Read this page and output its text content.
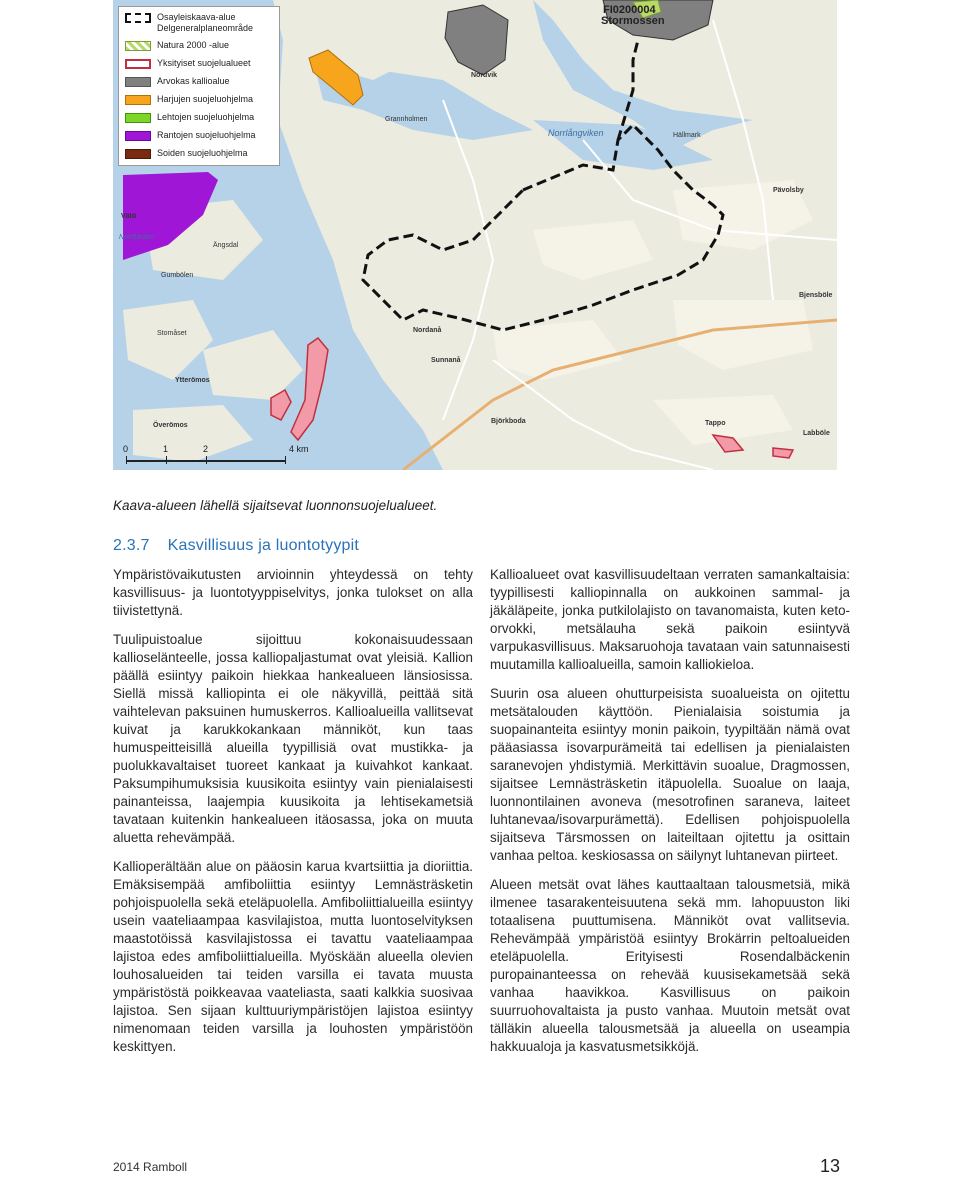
FI0200004
Stormossen
Nordvik
Norrlångviken
Pävolsby
Bjensböle
Nordanå
Sunnanå
Björkboda	Tappo
Labböle
Vätö
Ytterömos
Överömos
Norrfjärden
Gumbölen
Grannholmen
Ängsdal
Hällmark
Stomåset
0	1	2	4 km
Osayleiskaava-alue
Delgeneralplaneområde
Natura 2000 -alue
Yksityiset suojelualueet
Arvokas kallioalue
Harjujen suojeluohjelma
Lehtojen suojeluohjelma
Rantojen suojeluohjelma
Soiden suojeluohjelma
Kaava-alueen lähellä sijaitsevat luonnonsuojelualueet.
2.3.7 Kasvillisuus ja luontotyypit

Ympäristövaikutusten arvioinnin yhteydessä on tehty kasvillisuus- ja luontotyyppiselvitys, jonka tulokset on alla tiivistettynä.

Tuulipuistoalue sijoittuu kokonaisuudessaan kallioselänteelle, jossa kalliopaljastumat ovat yleisiä. Kallion päällä esiintyy paikoin hiekkaa hankealueen länsiosissa. Siellä missä kalliopinta ei ole näkyvillä, peittää sitä vaihtelevan paksuinen humuskerros. Kallioalueilla vallitsevat kuivat ja karukkokankaan männiköt, kun taas humuspeitteisillä alueilla tyypillisiä ovat mustikka- ja puolukkavaltaiset tuoreet kankaat ja kuivahkot kankaat. Paksumpihumuksisia kuusikoita esiintyy vain pienialaisesti painanteissa, laajempia kuusikoita ja lehtisekametsiä tavataan kuitenkin hankealueen itäosassa, joka on muuta aluetta rehevämpää.

Kallioperältään alue on pääosin karua kvartsiittia ja dioriittia. Emäksisempää amfiboliittia esiintyy Lemnästräsketin pohjoispuolella sekä eteläpuolella. Amfiboliittialueilla esiintyy usein vaateliaampaa kasvilajistoa, mutta luontoselvityksen maastotöissä kasvilajistossa ei tavattu vaateliaampaa lajistoa edes amfiboliittialueilla. Myöskään alueella olevien louhosalueiden tai teiden varsilla ei tavata muusta ympäristöstä poikkeavaa vaateliasta, saati kalkkia suosivaa lajistoa. Sen sijaan kulttuuriympäristöjen lajistoa esiintyy nimenomaan teiden varsilla ja louhosten ympäristöön keskittyen.

Kallioalueet ovat kasvillisuudeltaan verraten samankaltaisia: tyypillisesti kalliopinnalla on aukkoinen sammal- ja jäkäläpeite, jonka putkilolajisto on tavanomaista, kuten keto-orvokki, metsälauha sekä paikoin esiintyvä varpukasvillisuus. Maksaruohoja tavataan vain satunnaisesti muutamilla kallioalueilla, samoin kalliokieloa.

Suurin osa alueen ohutturpeisista suoalueista on ojitettu metsätalouden käyttöön. Pienialaisia soistumia ja suopainanteita esiintyy monin paikoin, tyypiltään nämä ovat pääasiassa isovarpurämeitä tai edellisen ja pienialaisten saranevojen yhdistymiä. Merkittävin suoalue, Dragmossen, sijaitsee Lemnästräsketin itäpuolella. Suoalue on laaja, luonnontilainen avoneva (mesotrofinen saraneva, laiteet luhtanevaa/isovarpurämettä). Edellisen pohjoispuolella sijaitseva Tärsmossen on laiteiltaan ojitettu ja osittain vanhaa peltoa. keskiosassa on säilynyt luhtanevan piirteet.

Alueen metsät ovat lähes kauttaaltaan talousmetsiä, mikä ilmenee tasarakenteisuutena sekä mm. lahopuuston liki totaalisena puuttumisena. Männiköt ovat vallitsevia. Rehevämpää ympäristöä esiintyy Brokärrin peltoalueiden eteläpuolella. Erityisesti Rosendalbäckenin puropainanteessa on rehevää kuusisekametsää sekä vanhaa haavikkoa. Kasvillisuus on paikoin suurruohovaltaista ja pusto vanhaa. Muutoin metsät ovat tälläkin alueella talousmetsää ja alueella on useampia hakkuualoja ja kasvatusmetsikköjä.

2014 Ramboll	13
